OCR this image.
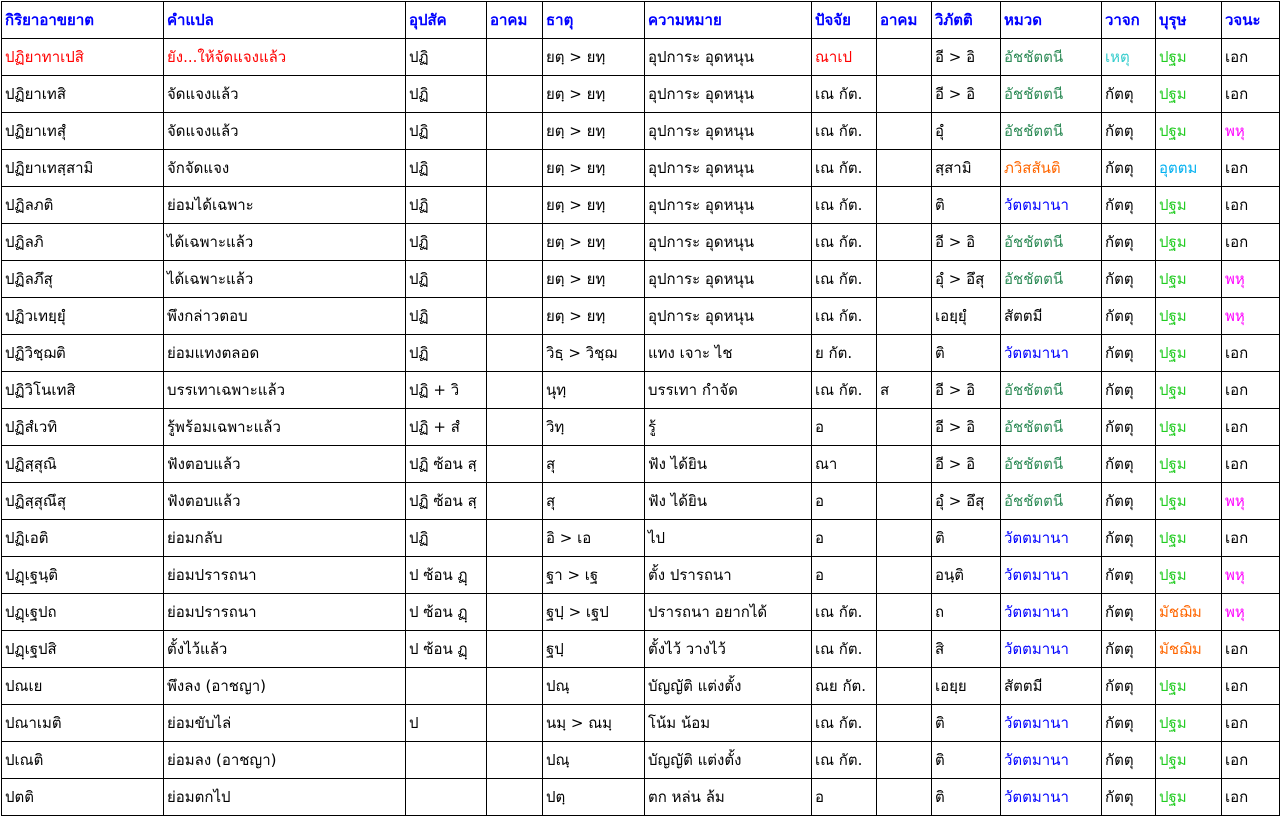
กิริยาอาขยาต	คำแปล	อุปสัค	อาคม	ธาตุ	ความหมาย	ปัจจัย	อาคม	วิภัตติ	หมวด	วาจก	บุรุษ	วจนะ
ปฏิยาทาเปสิ	ยัง...ให้จัดแจงแล้ว	ปฏิ		ยตฺ > ยทฺ	อุปการะ อุดหนุน	ณาเป		อี > อิ	อัชชัตตนี	เหตุ	ปฐม	เอก
ปฏิยาเทสิ	จัดแจงแล้ว	ปฏิ		ยตฺ > ยทฺ	อุปการะ อุดหนุน	เณ กัต.		อี > อิ	อัชชัตตนี	กัตตุ	ปฐม	เอก
ปฏิยาเทสุํ	จัดแจงแล้ว	ปฏิ		ยตฺ > ยทฺ	อุปการะ อุดหนุน	เณ กัต.		อุํ	อัชชัตตนี	กัตตุ	ปฐม	พหุ
ปฏิยาเทสฺสามิ	จักจัดแจง	ปฏิ		ยตฺ > ยทฺ	อุปการะ อุดหนุน	เณ กัต.		สฺสามิ	ภวิสสันติ	กัตตุ	อุตตม	เอก
ปฏิลภติ	ย่อมได้เฉพาะ	ปฏิ		ยตฺ > ยทฺ	อุปการะ อุดหนุน	เณ กัต.		ติ	วัตตมานา	กัตตุ	ปฐม	เอก
ปฏิลภิ	ได้เฉพาะแล้ว	ปฏิ		ยตฺ > ยทฺ	อุปการะ อุดหนุน	เณ กัต.		อี > อิ	อัชชัตตนี	กัตตุ	ปฐม	เอก
ปฏิลภึสุ	ได้เฉพาะแล้ว	ปฏิ		ยตฺ > ยทฺ	อุปการะ อุดหนุน	เณ กัต.		อุํ > อึสุ	อัชชัตตนี	กัตตุ	ปฐม	พหุ
ปฏิวเทยฺยุํ	พึงกล่าวตอบ	ปฏิ		ยตฺ > ยทฺ	อุปการะ อุดหนุน	เณ กัต.		เอยฺยุํ	สัตตมี	กัตตุ	ปฐม	พหุ
ปฏิวิชฺฌติ	ย่อมแทงตลอด	ปฏิ		วิธฺ > วิชฺฌ	แทง เจาะ ไช	ย กัต.		ติ	วัตตมานา	กัตตุ	ปฐม	เอก
ปฏิวิโนเทสิ	บรรเทาเฉพาะแล้ว	ปฏิ + วิ		นุทฺ	บรรเทา กำจัด	เณ กัต.	ส	อี > อิ	อัชชัตตนี	กัตตุ	ปฐม	เอก
ปฏิสํเวทิ	รู้พร้อมเฉพาะแล้ว	ปฏิ + สํ		วิทฺ	รู้	อ		อี > อิ	อัชชัตตนี	กัตตุ	ปฐม	เอก
ปฏิสฺสุณิ	ฟังตอบแล้ว	ปฏิ ซ้อน สฺ		สุ	ฟัง ได้ยิน	ณา		อี > อิ	อัชชัตตนี	กัตตุ	ปฐม	เอก
ปฏิสฺสุณึสุ	ฟังตอบแล้ว	ปฏิ ซ้อน สฺ		สุ	ฟัง ได้ยิน	อ		อุํ > อึสุ	อัชชัตตนี	กัตตุ	ปฐม	พหุ
ปฏิเอติ	ย่อมกลับ	ปฏิ		อิ > เอ	ไป	อ		ติ	วัตตมานา	กัตตุ	ปฐม	เอก
ปฏฺเฐนฺติ	ย่อมปรารถนา	ป ซ้อน ฏฺ		ฐา > เฐ	ตั้ง ปรารถนา	อ		อนฺติ	วัตตมานา	กัตตุ	ปฐม	พหุ
ปฏฺเฐปถ	ย่อมปรารถนา	ป ซ้อน ฏฺ		ฐปฺ > เฐป	ปรารถนา อยากได้	เณ กัต.		ถ	วัตตมานา	กัตตุ	มัชฌิม	พหุ
ปฏฺเฐปสิ	ตั้งไว้แล้ว	ป ซ้อน ฏฺ		ฐปฺ	ตั้งไว้ วางไว้	เณ กัต.		สิ	วัตตมานา	กัตตุ	มัชฌิม	เอก
ปณเย	พึงลง (อาชญา)			ปณฺ	บัญญัติ แต่งตั้ง	ณย กัต.		เอยฺย	สัตตมี	กัตตุ	ปฐม	เอก
ปณาเมติ	ย่อมขับไล่	ป		นมฺ > ณมฺ	โน้ม น้อม	เณ กัต.		ติ	วัตตมานา	กัตตุ	ปฐม	เอก
ปเณติ	ย่อมลง (อาชญา)			ปณฺ	บัญญัติ แต่งตั้ง	เณ กัต.		ติ	วัตตมานา	กัตตุ	ปฐม	เอก
ปตติ	ย่อมตกไป			ปตฺ	ตก หล่น ล้ม	อ		ติ	วัตตมานา	กัตตุ	ปฐม	เอก
